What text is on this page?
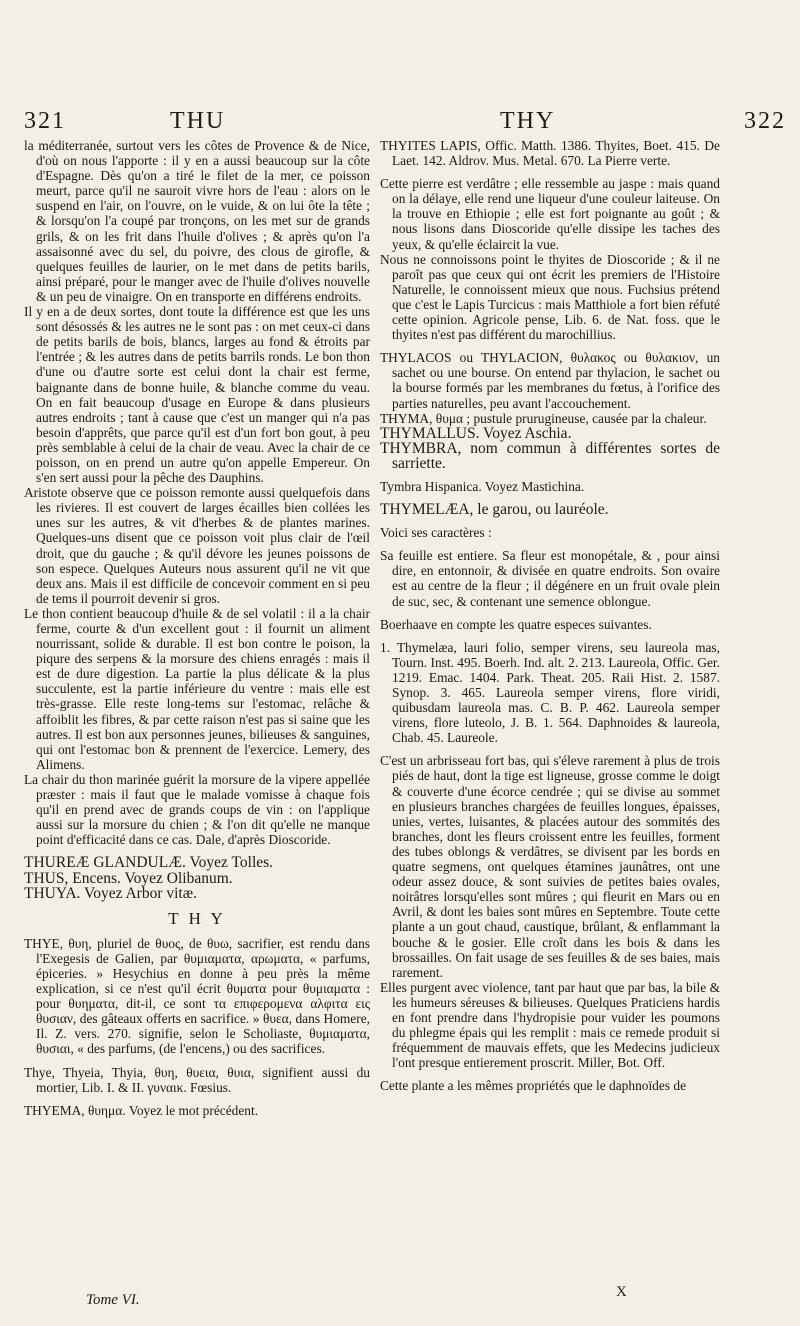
321	THU	THY	322

la méditerranée, surtout vers les côtes de Provence & de Nice, d'où on nous l'apporte : il y en a aussi beaucoup sur la côte d'Espagne. Dès qu'on a tiré le filet de la mer, ce poisson meurt, parce qu'il ne sauroit vivre hors de l'eau : alors on le suspend en l'air, on l'ouvre, on le vuide, & on lui ôte la tête ; & lorsqu'on l'a coupé par tronçons, on les met sur de grands grils, & on les frit dans l'huile d'olives ; & après qu'on l'a assaisonné avec du sel, du poivre, des clous de girofle, & quelques feuilles de laurier, on le met dans de petits barils, ainsi préparé, pour le manger avec de l'huile d'olives nouvelle & un peu de vinaigre. On en transporte en différens endroits.

Il y en a de deux sortes, dont toute la différence est que les uns sont désossés & les autres ne le sont pas : on met ceux-ci dans de petits barils de bois, blancs, larges au fond & étroits par l'entrée ; & les autres dans de petits barrils ronds. Le bon thon d'une ou d'autre sorte est celui dont la chair est ferme, baignante dans de bonne huile, & blanche comme du veau. On en fait beaucoup d'usage en Europe & dans plusieurs autres endroits ; tant à cause que c'est un manger qui n'a pas besoin d'apprêts, que parce qu'il est d'un fort bon gout, à peu près semblable à celui de la chair de veau. Avec la chair de ce poisson, on en prend un autre qu'on appelle Empereur. On s'en sert aussi pour la pêche des Dauphins.

Aristote observe que ce poisson remonte aussi quelquefois dans les rivieres. Il est couvert de larges écailles bien collées les unes sur les autres, & vit d'herbes & de plantes marines. Quelques-uns disent que ce poisson voit plus clair de l'œil droit, que du gauche ; & qu'il dévore les jeunes poissons de son espece. Quelques Auteurs nous assurent qu'il ne vit que deux ans. Mais il est difficile de concevoir comment en si peu de tems il pourroit devenir si gros.

Le thon contient beaucoup d'huile & de sel volatil : il a la chair ferme, courte & d'un excellent gout : il fournit un aliment nourrissant, solide & durable. Il est bon contre le poison, la piqure des serpens & la morsure des chiens enragés : mais il est de dure digestion. La partie la plus délicate & la plus succulente, est la partie inférieure du ventre : mais elle est très-grasse. Elle reste long-tems sur l'estomac, relâche & affoiblit les fibres, & par cette raison n'est pas si saine que les autres. Il est bon aux personnes jeunes, bilieuses & sanguines, qui ont l'estomac bon & prennent de l'exercice. Lemery, des Alimens.

La chair du thon marinée guérit la morsure de la vipere appellée præster : mais il faut que le malade vomisse à chaque fois qu'il en prend avec de grands coups de vin : on l'applique aussi sur la morsure du chien ; & l'on dit qu'elle ne manque point d'efficacité dans ce cas. Dale, d'après Dioscoride.

THUREÆ GLANDULÆ. Voyez Tolles.

THUS, Encens. Voyez Olibanum.

THUYA. Voyez Arbor vitæ.

T H Y

THYE, θυη, pluriel de θυος, de θυω, sacrifier, est rendu dans l'Exegesis de Galien, par θυμιαματα, αρωματα, « parfums, épiceries. » Hesychius en donne à peu près la même explication, si ce n'est qu'il écrit θυματα pour θυμιαματα : pour θυηματα, dit-il, ce sont τα επιφερομενα αλφιτα εις θυσιαν, des gâteaux offerts en sacrifice. » θυεα, dans Homere, Il. Z. vers. 270. signifie, selon le Scholiaste, θυμιαματα, θυσιαι, « des parfums, (de l'encens,) ou des sacrifices.

Thye, Thyeia, Thyia, θυη, θυεια, θυια, signifient aussi du mortier, Lib. I. & II. γυναικ. Fœsius.

THYEMA, θυημα. Voyez le mot précédent.

THYITES LAPIS, Offic. Matth. 1386. Thyites, Boet. 415. De Laet. 142. Aldrov. Mus. Metal. 670. La Pierre verte.

Cette pierre est verdâtre ; elle ressemble au jaspe : mais quand on la délaye, elle rend une liqueur d'une couleur laiteuse. On la trouve en Ethiopie ; elle est fort poignante au goût ; & nous lisons dans Dioscoride qu'elle dissipe les taches des yeux, & qu'elle éclaircit la vue.

Nous ne connoissons point le thyites de Dioscoride ; & il ne paroît pas que ceux qui ont écrit les premiers de l'Histoire Naturelle, le connoissent mieux que nous. Fuchsius prétend que c'est le Lapis Turcicus : mais Matthiole a fort bien réfuté cette opinion. Agricole pense, Lib. 6. de Nat. foss. que le thyites n'est pas différent du marochillius.

THYLACOS ou THYLACION, θυλακος ou θυλακιον, un sachet ou une bourse. On entend par thylacion, le sachet ou la bourse formés par les membranes du fœtus, à l'orifice des parties naturelles, peu avant l'accouchement.

THYMA, θυμα ; pustule prurugineuse, causée par la chaleur.

THYMALLUS. Voyez Aschia.

THYMBRA, nom commun à différentes sortes de sarriette.

Tymbra Hispanica. Voyez Mastichina.

THYMELÆA, le garou, ou lauréole.

Voici ses caractères :

Sa feuille est entiere. Sa fleur est monopétale, & , pour ainsi dire, en entonnoir, & divisée en quatre endroits. Son ovaire est au centre de la fleur ; il dégénere en un fruit ovale plein de suc, sec, & contenant une semence oblongue.

Boerhaave en compte les quatre especes suivantes.

1. Thymelæa, lauri folio, semper virens, seu laureola mas, Tourn. Inst. 495. Boerh. Ind. alt. 2. 213. Laureola, Offic. Ger. 1219. Emac. 1404. Park. Theat. 205. Raii Hist. 2. 1587. Synop. 3. 465. Laureola semper virens, flore viridi, quibusdam laureola mas. C. B. P. 462. Laureola semper virens, flore luteolo, J. B. 1. 564. Daphnoides & laureola, Chab. 45. Laureole.

C'est un arbrisseau fort bas, qui s'éleve rarement à plus de trois piés de haut, dont la tige est ligneuse, grosse comme le doigt & couverte d'une écorce cendrée ; qui se divise au sommet en plusieurs branches chargées de feuilles longues, épaisses, unies, vertes, luisantes, & placées autour des sommités des branches, dont les fleurs croissent entre les feuilles, forment des tubes oblongs & verdâtres, se divisent par les bords en quatre segmens, ont quelques étamines jaunâtres, ont une odeur assez douce, & sont suivies de petites baies ovales, noirâtres lorsqu'elles sont mûres ; qui fleurit en Mars ou en Avril, & dont les baies sont mûres en Septembre. Toute cette plante a un gout chaud, caustique, brûlant, & enflammant la bouche & le gosier. Elle croît dans les bois & dans les brossailles. On fait usage de ses feuilles & de ses baies, mais rarement.

Elles purgent avec violence, tant par haut que par bas, la bile & les humeurs séreuses & bilieuses. Quelques Praticiens hardis en font prendre dans l'hydropisie pour vuider les poumons du phlegme épais qui les remplit : mais ce remede produit si fréquemment de mauvais effets, que les Medecins judicieux l'ont presque entierement proscrit. Miller, Bot. Off.

Cette plante a les mêmes propriétés que le daphnoïdes de

Tome VI.	X
